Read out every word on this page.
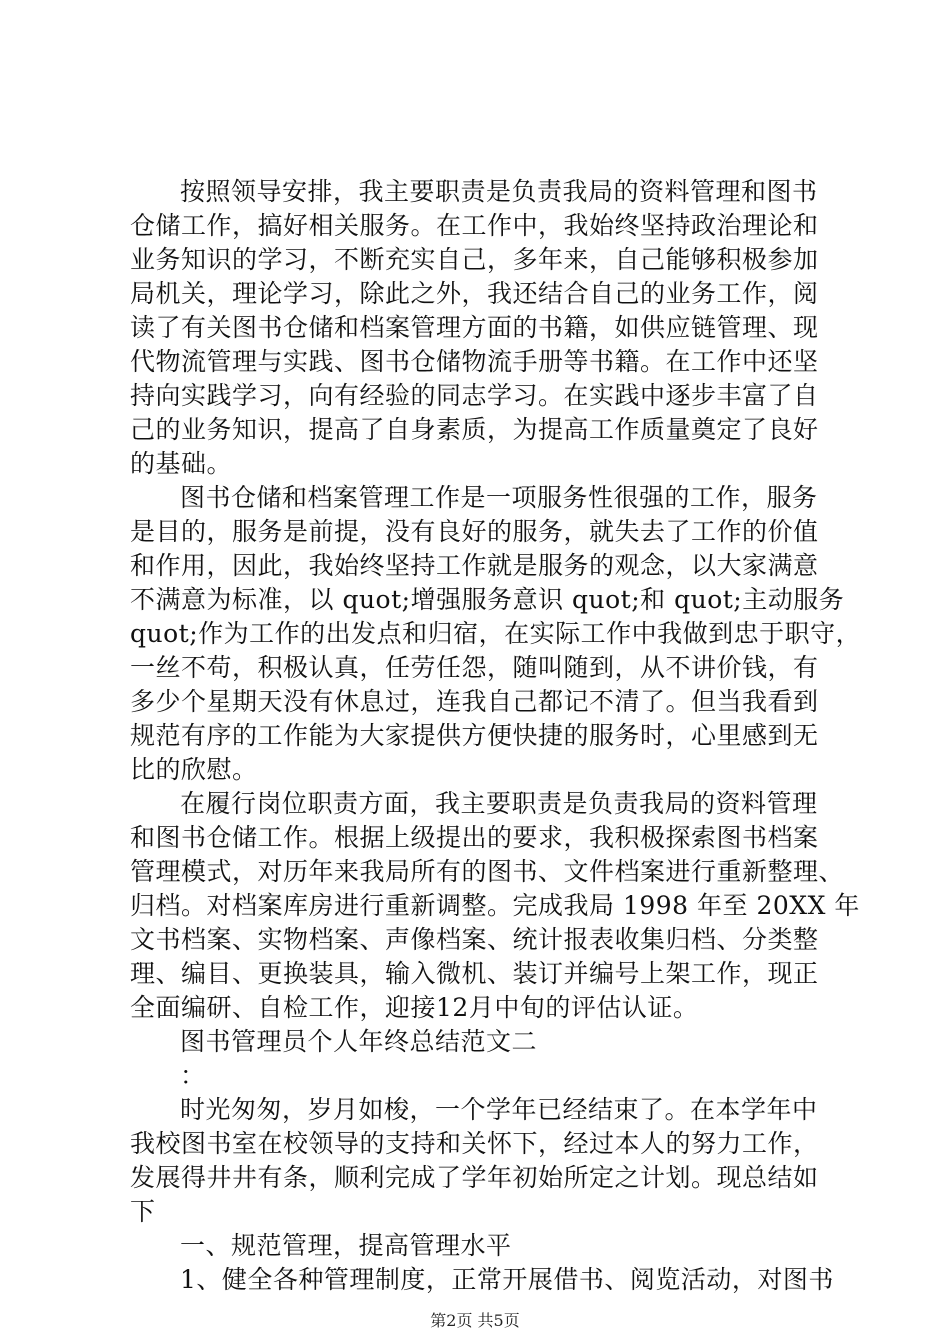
按照领导安排，我主要职责是负责我局的资料管理和图书
仓储工作，搞好相关服务。在工作中，我始终坚持政治理论和
业务知识的学习，不断充实自己，多年来，自己能够积极参加
局机关，理论学习，除此之外，我还结合自己的业务工作，阅
读了有关图书仓储和档案管理方面的书籍，如供应链管理、现
代物流管理与实践、图书仓储物流手册等书籍。在工作中还坚
持向实践学习，向有经验的同志学习。在实践中逐步丰富了自
己的业务知识，提高了自身素质，为提高工作质量奠定了良好
的基础。
图书仓储和档案管理工作是一项服务性很强的工作，服务
是目的，服务是前提，没有良好的服务，就失去了工作的价值
和作用，因此，我始终坚持工作就是服务的观念，以大家满意
不满意为标准，以 quot;增强服务意识 quot;和 quot;主动服务
quot;作为工作的出发点和归宿，在实际工作中我做到忠于职守，
一丝不苟，积极认真，任劳任怨，随叫随到，从不讲价钱，有
多少个星期天没有休息过，连我自己都记不清了。但当我看到
规范有序的工作能为大家提供方便快捷的服务时，心里感到无
比的欣慰。
在履行岗位职责方面，我主要职责是负责我局的资料管理
和图书仓储工作。根据上级提出的要求，我积极探索图书档案
管理模式，对历年来我局所有的图书、文件档案进行重新整理、
归档。对档案库房进行重新调整。完成我局 1998 年至 20XX 年
文书档案、实物档案、声像档案、统计报表收集归档、分类整
理、编目、更换装具，输入微机、装订并编号上架工作，现正
全面编研、自检工作，迎接12月中旬的评估认证。
图书管理员个人年终总结范文二
：
时光匆匆，岁月如梭，一个学年已经结束了。在本学年中
我校图书室在校领导的支持和关怀下，经过本人的努力工作，
发展得井井有条，顺利完成了学年初始所定之计划。现总结如
下
一、规范管理，提高管理水平
1、健全各种管理制度，正常开展借书、阅览活动，对图书
第2页 共5页
